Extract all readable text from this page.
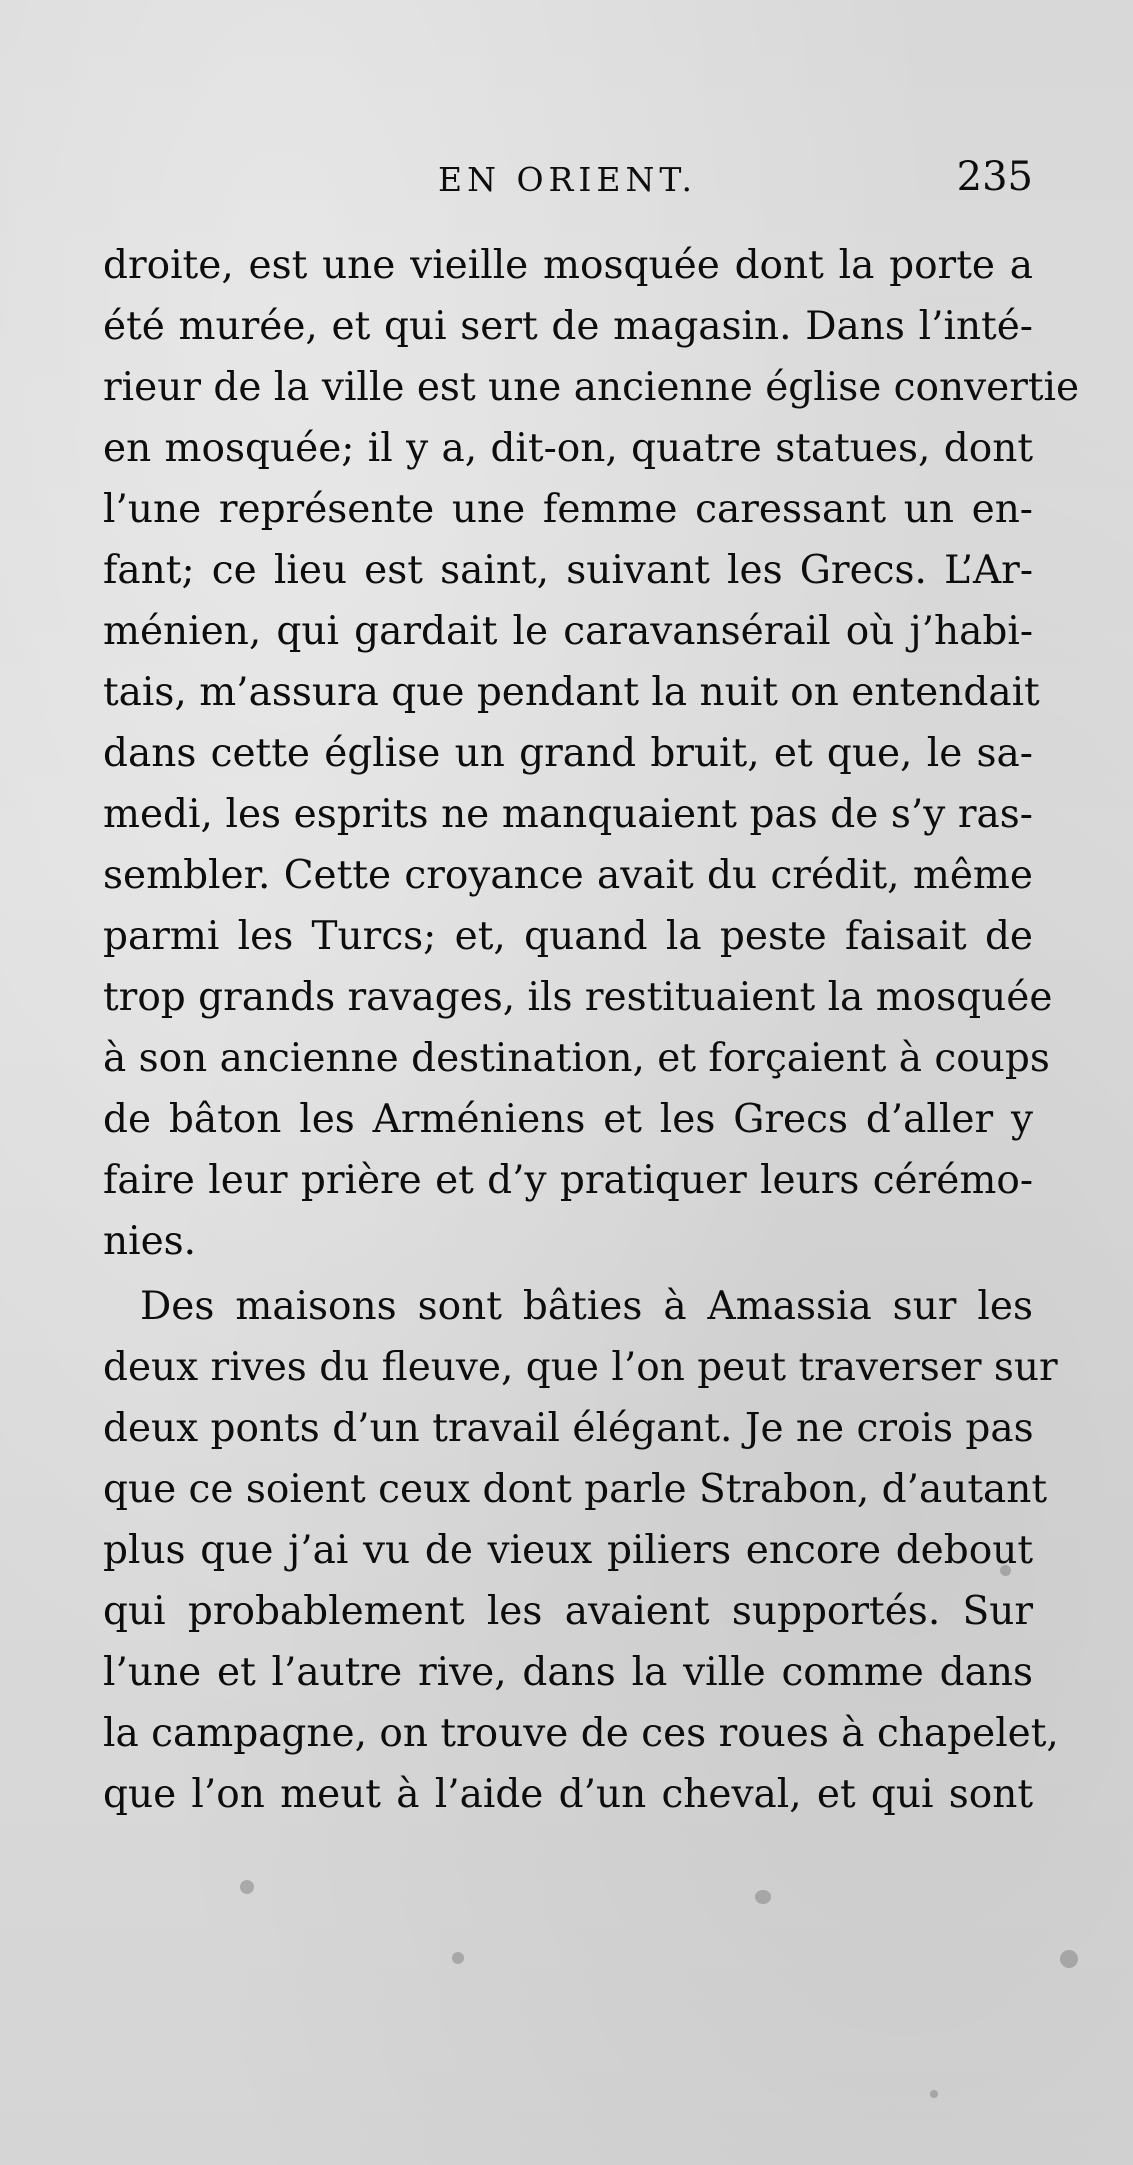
EN ORIENT.	235
droite, est une vieille mosquée dont la porte a
été murée, et qui sert de magasin. Dans l’inté-
rieur de la ville est une ancienne église convertie
en mosquée; il y a, dit-on, quatre statues, dont
l’une représente une femme caressant un en-
fant; ce lieu est saint, suivant les Grecs. L’Ar-
ménien, qui gardait le caravansérail où j’habi-
tais, m’assura que pendant la nuit on entendait
dans cette église un grand bruit, et que, le sa-
medi, les esprits ne manquaient pas de s’y ras-
sembler. Cette croyance avait du crédit, même
parmi les Turcs; et, quand la peste faisait de
trop grands ravages, ils restituaient la mosquée
à son ancienne destination, et forçaient à coups
de bâton les Arméniens et les Grecs d’aller y
faire leur prière et d’y pratiquer leurs cérémo-
nies.
Des maisons sont bâties à Amassia sur les
deux rives du fleuve, que l’on peut traverser sur
deux ponts d’un travail élégant. Je ne crois pas
que ce soient ceux dont parle Strabon, d’autant
plus que j’ai vu de vieux piliers encore debout
qui probablement les avaient supportés. Sur
l’une et l’autre rive, dans la ville comme dans
la campagne, on trouve de ces roues à chapelet,
que l’on meut à l’aide d’un cheval, et qui sont
